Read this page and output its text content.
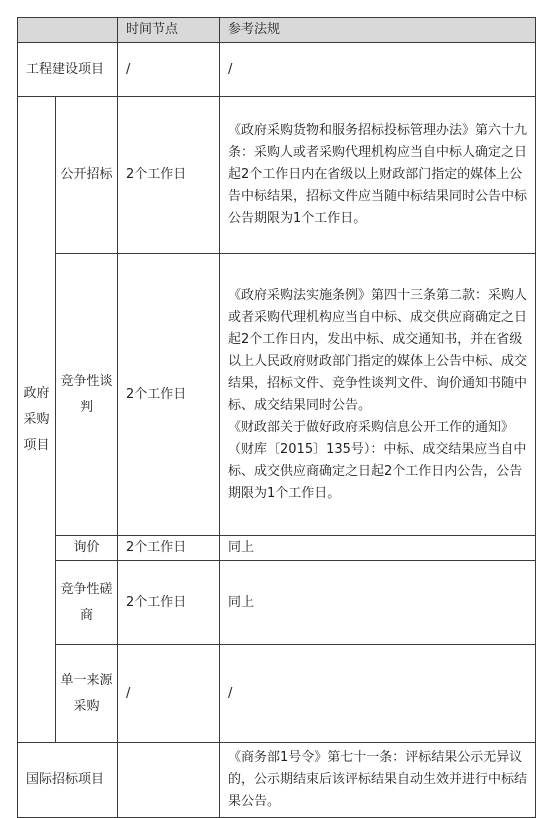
		时间节点	参考法规
工程建设项目		/	/
政府采购项目	公开招标	2个工作日	《政府采购货物和服务招标投标管理办法》第六十九条：采购人或者采购代理机构应当自中标人确定之日起2个工作日内在省级以上财政部门指定的媒体上公告中标结果，招标文件应当随中标结果同时公告中标公告期限为1个工作日。
	竞争性谈判	2个工作日	《政府采购法实施条例》第四十三条第二款：采购人或者采购代理机构应当自中标、成交供应商确定之日起2个工作日内，发出中标、成交通知书，并在省级以上人民政府财政部门指定的媒体上公告中标、成交结果，招标文件、竞争性谈判文件、询价通知书随中标、成交结果同时公告。

《财政部关于做好政府采购信息公开工作的通知》（财库〔2015〕135号）：中标、成交结果应当自中标、成交供应商确定之日起2个工作日内公告，公告期限为1个工作日。

	询价	2个工作日	同上
	竞争性磋商	2个工作日	同上
	单一来源采购	/	/
国际招标项目			《商务部1号令》第七十一条：评标结果公示无异议的，公示期结束后该评标结果自动生效并进行中标结果公告。
